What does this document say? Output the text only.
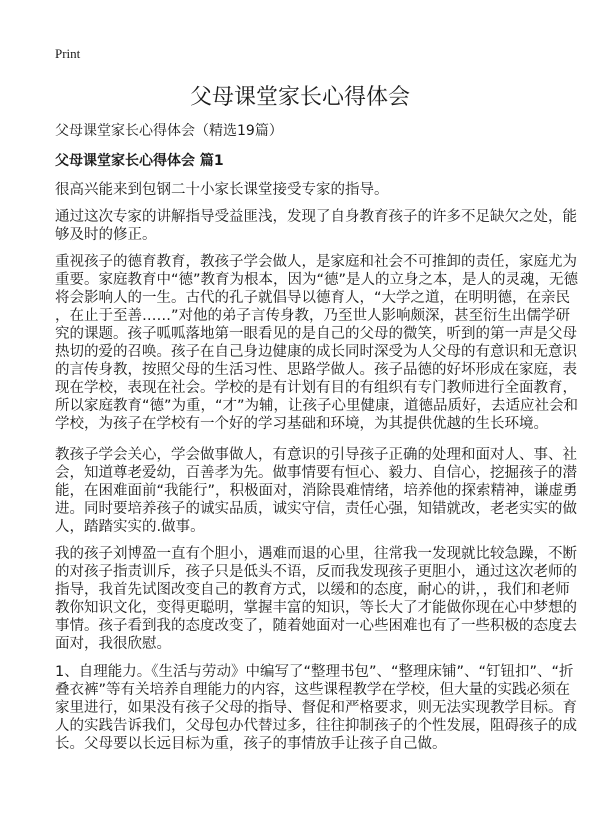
Print
父母课堂家长心得体会
父母课堂家长心得体会（精选19篇）
父母课堂家长心得体会 篇1
很高兴能来到包钢二十小家长课堂接受专家的指导。
通过这次专家的讲解指导受益匪浅，发现了自身教育孩子的许多不足缺欠之处，能
够及时的修正。
重视孩子的德育教育，教孩子学会做人，是家庭和社会不可推卸的责任，家庭尤为
重要。家庭教育中“德”教育为根本，因为“德”是人的立身之本，是人的灵魂，无德
将会影响人的一生。古代的孔子就倡导以德育人，“大学之道，在明明德，在亲民
，在止于至善……”对他的弟子言传身教，乃至世人影响颇深，甚至衍生出儒学研
究的课题。孩子呱呱落地第一眼看见的是自己的父母的微笑，听到的第一声是父母
热切的爱的召唤。孩子在自己身边健康的成长同时深受为人父母的有意识和无意识
的言传身教，按照父母的生活习性、思路学做人。孩子品德的好坏形成在家庭，表
现在学校，表现在社会。学校的是有计划有目的有组织有专门教师进行全面教育，
所以家庭教育“德”为重，“才”为辅，让孩子心里健康，道德品质好，去适应社会和
学校，为孩子在学校有一个好的学习基础和环境，为其提供优越的生长环境。
教孩子学会关心，学会做事做人，有意识的引导孩子正确的处理和面对人、事、社
会，知道尊老爱幼，百善孝为先。做事情要有恒心、毅力、自信心，挖掘孩子的潜
能，在困难面前“我能行”，积极面对，消除畏难情绪，培养他的探索精神，谦虚勇
进。同时要培养孩子的诚实品质，诚实守信，责任心强，知错就改，老老实实的做
人，踏踏实实的.做事。
我的孩子刘博盈一直有个胆小，遇难而退的心里，往常我一发现就比较急躁，不断
的对孩子指责训斥，孩子只是低头不语，反而我发现孩子更胆小，通过这次老师的
指导，我首先试图改变自己的教育方式，以缓和的态度，耐心的讲，，我们和老师
教你知识文化，变得更聪明，掌握丰富的知识，等长大了才能做你现在心中梦想的
事情。孩子看到我的态度改变了，随着她面对一心些困难也有了一些积极的态度去
面对，我很欣慰。
1、自理能力。《生活与劳动》中编写了“整理书包”、“整理床铺”、“钉钮扣”、“折
叠衣裤”等有关培养自理能力的内容，这些课程教学在学校，但大量的实践必须在
家里进行，如果没有孩子父母的指导、督促和严格要求，则无法实现教学目标。育
人的实践告诉我们，父母包办代替过多，往往抑制孩子的个性发展，阻碍孩子的成
长。父母要以长远目标为重，孩子的事情放手让孩子自己做。
